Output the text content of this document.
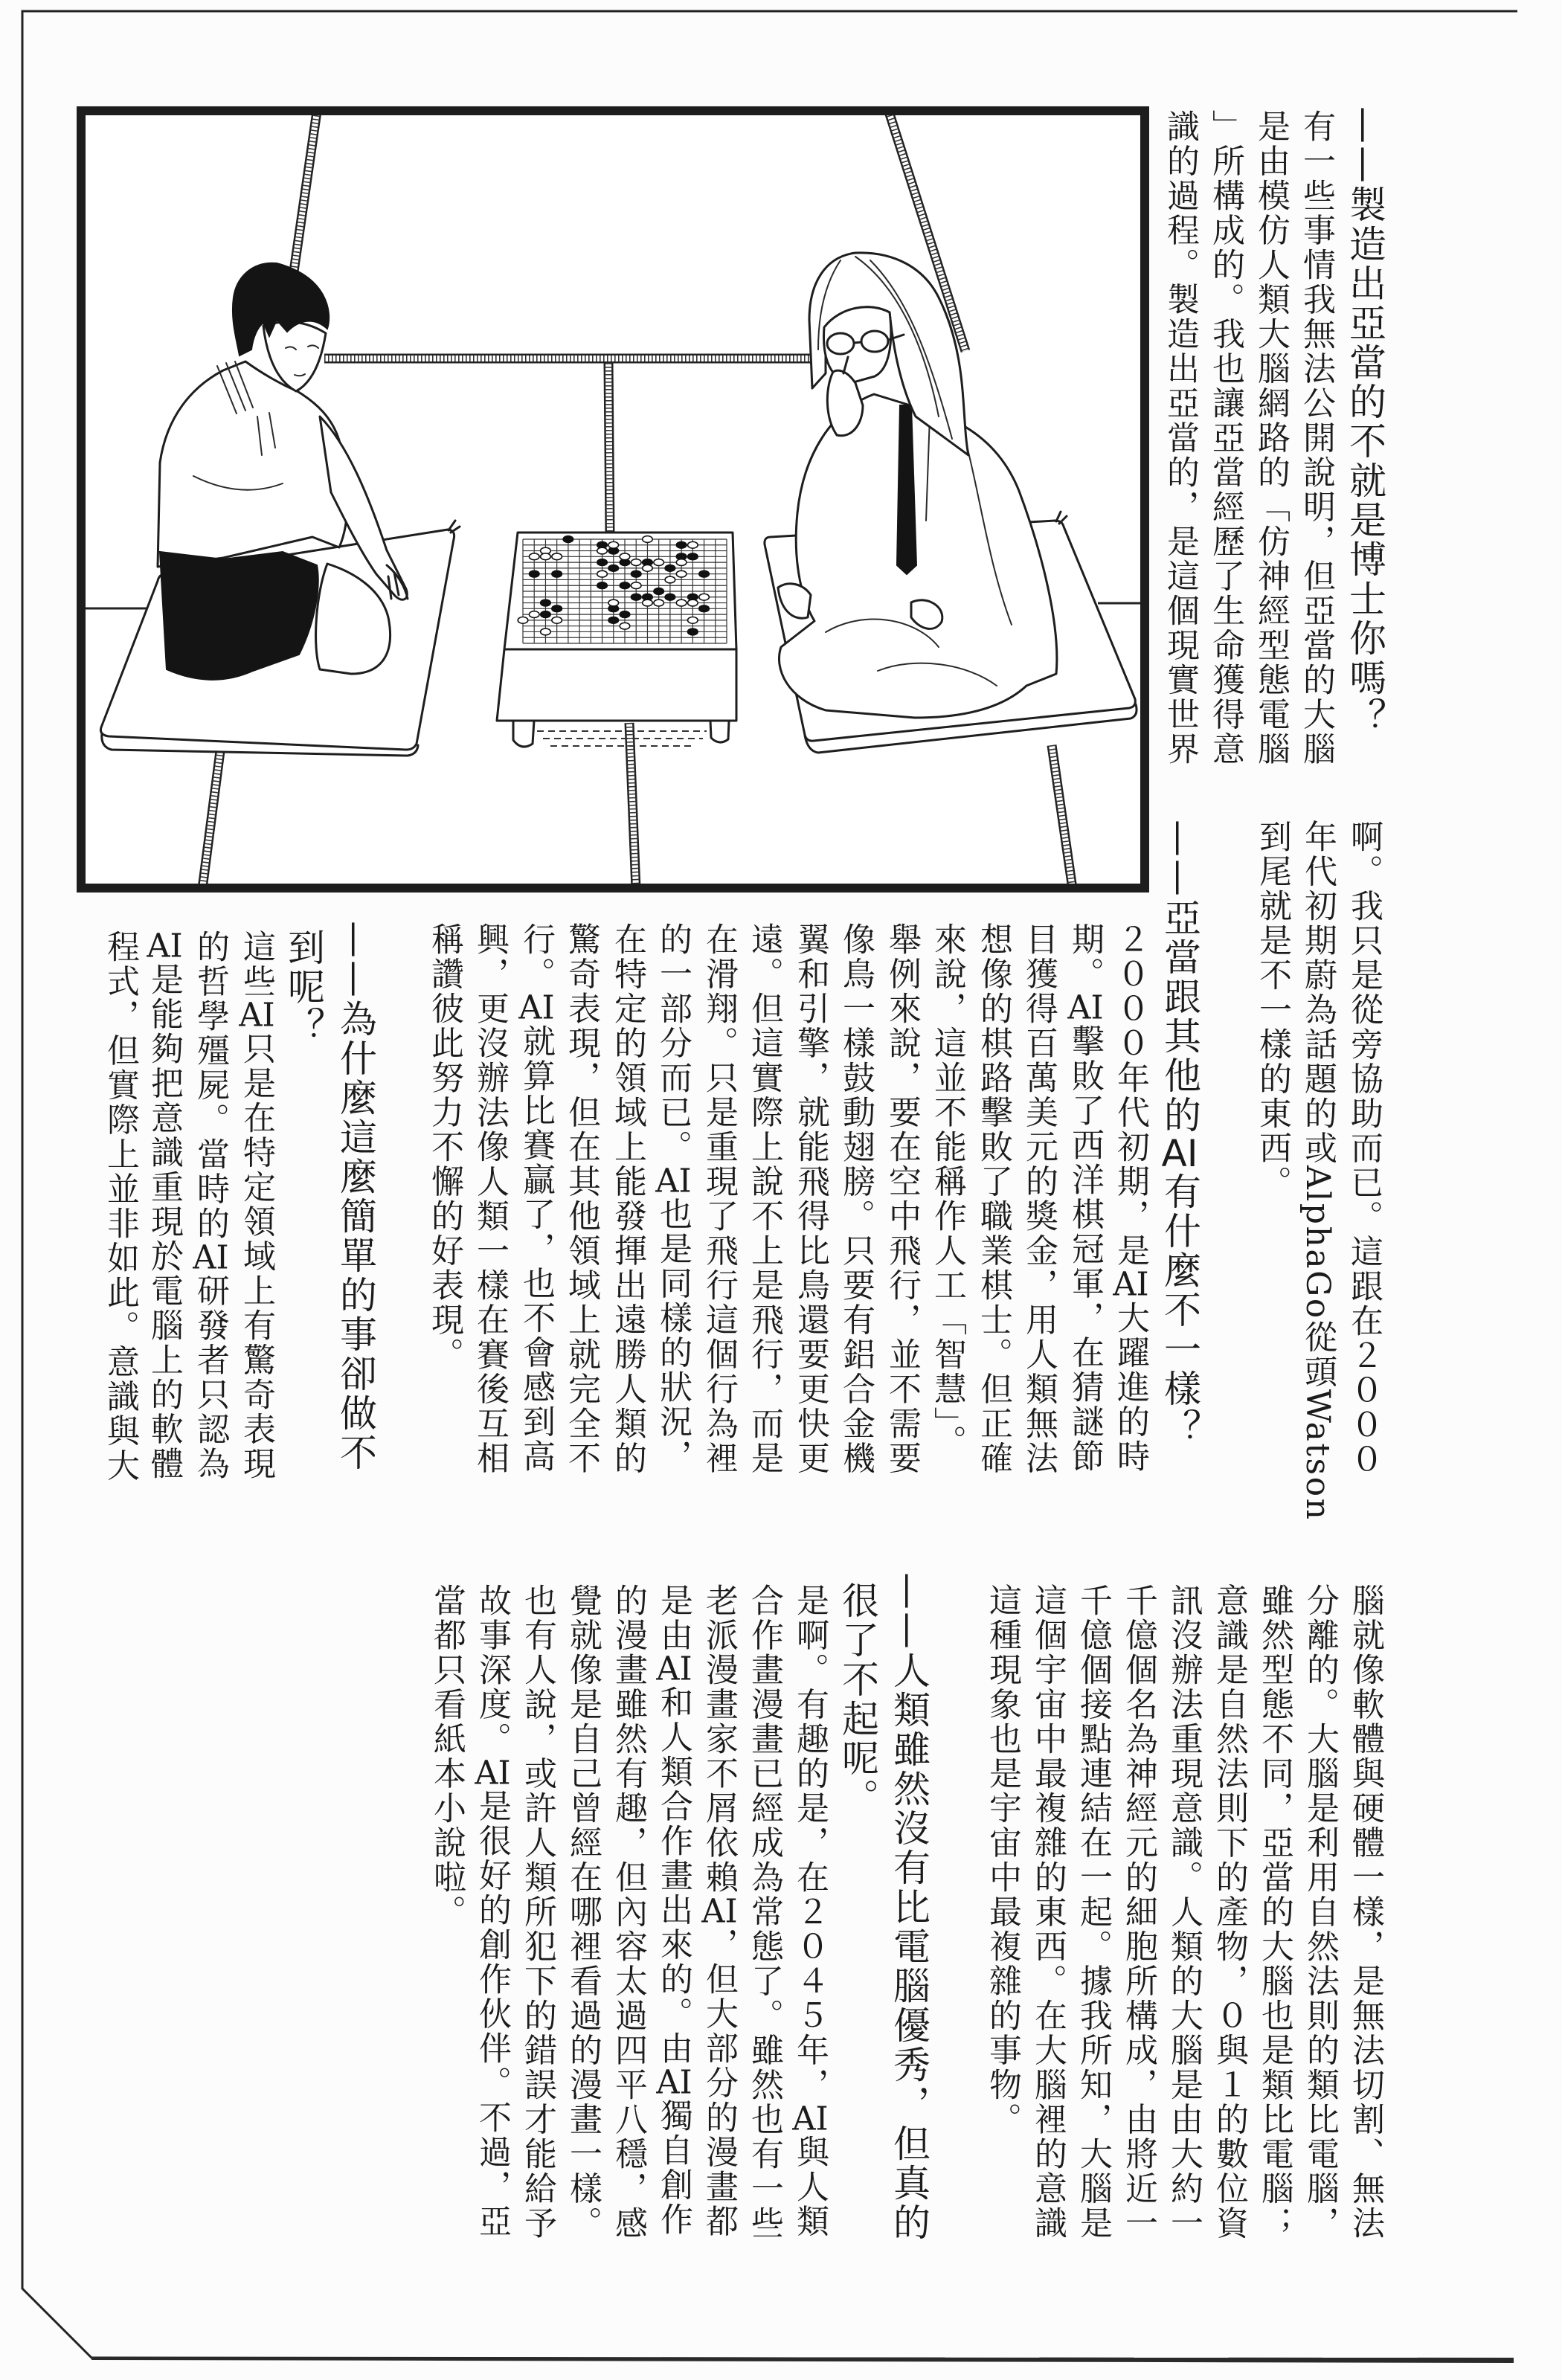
——製造出亞當的不就是博士你嗎？
有一些事情我無法公開說明，但亞當的大腦
是由模仿人類大腦網路的「仿神經型態電腦
」所構成的。我也讓亞當經歷了生命獲得意
識的過程。製造出亞當的，是這個現實世界
啊。我只是從旁協助而已。這跟在２０００
年代初期蔚為話題的或AlphaGo從頭Watson
到尾就是不一樣的東西。
——亞當跟其他的AI有什麼不一樣？
２０００年代初期，是AI大躍進的時
期。AI擊敗了西洋棋冠軍，在猜謎節
目獲得百萬美元的獎金，用人類無法
想像的棋路擊敗了職業棋士。但正確
來說，這並不能稱作人工「智慧」。
舉例來說，要在空中飛行，並不需要
像鳥一樣鼓動翅膀。只要有鋁合金機
翼和引擎，就能飛得比鳥還要更快更
遠。但這實際上說不上是飛行，而是
在滑翔。只是重現了飛行這個行為裡
的一部分而已。AI也是同樣的狀況，
在特定的領域上能發揮出遠勝人類的
驚奇表現，但在其他領域上就完全不
行。AI就算比賽贏了，也不會感到高
興，更沒辦法像人類一樣在賽後互相
稱讚彼此努力不懈的好表現。
——為什麼這麼簡單的事卻做不
到呢？
這些AI只是在特定領域上有驚奇表現
的哲學殭屍。當時的AI研發者只認為
AI是能夠把意識重現於電腦上的軟體
程式，但實際上並非如此。意識與大
腦就像軟體與硬體一樣，是無法切割、無法
分離的。大腦是利用自然法則的類比電腦，
雖然型態不同，亞當的大腦也是類比電腦；
意識是自然法則下的產物，０與１的數位資
訊沒辦法重現意識。人類的大腦是由大約一
千億個名為神經元的細胞所構成，由將近一
千億個接點連結在一起。據我所知，大腦是
這個宇宙中最複雜的東西。在大腦裡的意識
這種現象也是宇宙中最複雜的事物。
——人類雖然沒有比電腦優秀，但真的
很了不起呢。
是啊。有趣的是，在２０４５年，AI與人類
合作畫漫畫已經成為常態了。雖然也有一些
老派漫畫家不屑依賴AI，但大部分的漫畫都
是由AI和人類合作畫出來的。由AI獨自創作
的漫畫雖然有趣，但內容太過四平八穩，感
覺就像是自己曾經在哪裡看過的漫畫一樣。
也有人說，或許人類所犯下的錯誤才能給予
故事深度。AI是很好的創作伙伴。不過，亞
當都只看紙本小說啦。
